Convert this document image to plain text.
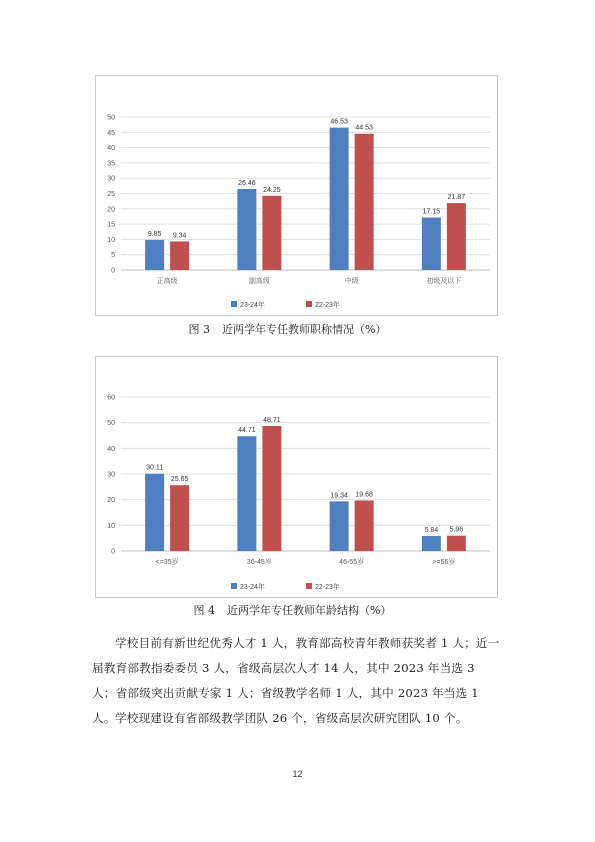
0
5
10
15
20
25
30
35
40
45
50
9.85 9.34
正高级
26.46
24.25
副高级
46.53
44.53
中级
17.15
21.87
初级及以下
23-24年	22-23年
图 3 近两学年专任教师职称情况（%）
0
10
20
30
40
50
60
30.11
25.65
<=35岁
44.71
48.71
36-45岁
19.34 19.68
46-55岁
5.84 5.96
>=56岁
23-24年	22-23年
图 4 近两学年专任教师年龄结构（%）
学校目前有新世纪优秀人才 1 人，教育部高校青年教师获奖者 1 人；近一届教育部教指委委员 3 人，省级高层次人才 14 人，其中 2023 年当选 3 人；省部级突出贡献专家 1 人；省级教学名师 1 人，其中 2023 年当选 1 人。 学校现建设有省部级教学团队 26 个，省级高层次研究团队 10 个。
12
